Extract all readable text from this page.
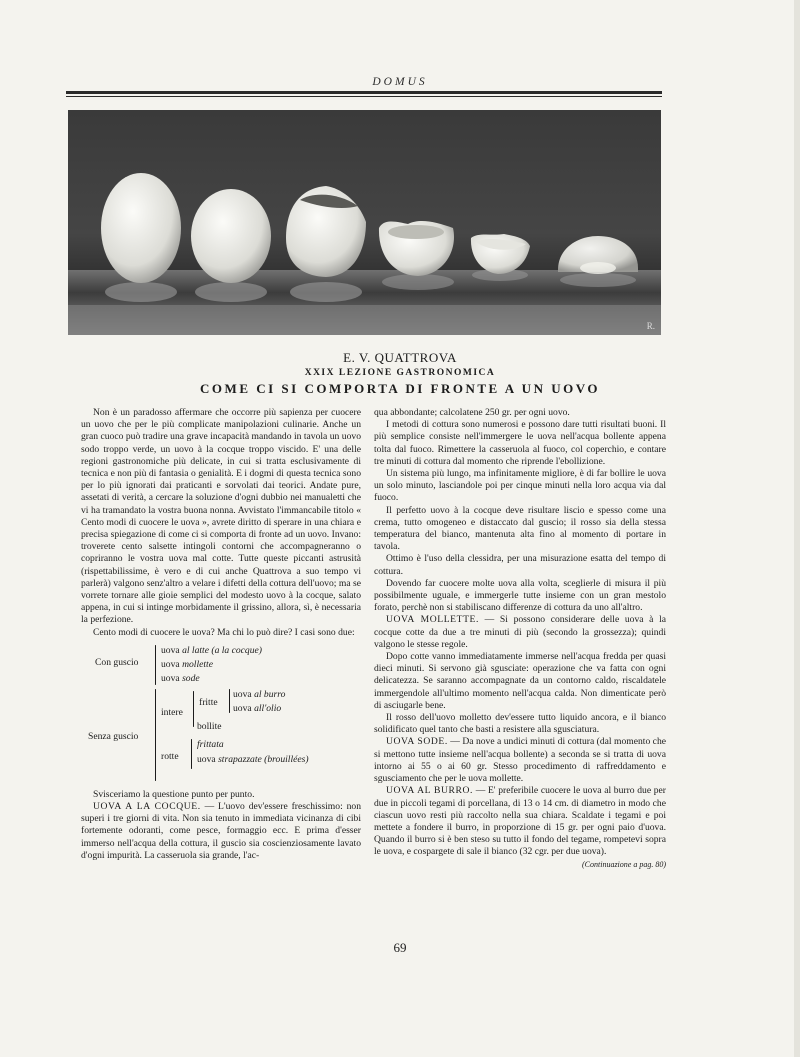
DOMUS
R.
E. V. QUATTROVA
XXIX LEZIONE GASTRONOMICA
COME CI SI COMPORTA DI FRONTE A UN UOVO

Non è un paradosso affermare che occorre più sapienza per cuocere un uovo che per le più complicate manipolazioni culinarie. Anche un gran cuoco può tradire una grave incapacità mandando in tavola un uovo sodo troppo verde, un uovo à la cocque troppo viscido. E' una delle regioni gastronomiche più delicate, in cui si tratta esclusivamente di tecnica e non più di fantasia o genialità. E i dogmi di questa tecnica sono per lo più ignorati dai praticanti e sorvolati dai teorici. Andate pure, assetati di verità, a cercare la soluzione d'ogni dubbio nei manualetti che vi ha tramandato la vostra buona nonna. Avvistato l'immancabile titolo « Cento modi di cuocere le uova », avrete diritto di sperare in una chiara e precisa spiegazione di come ci si comporta di fronte ad un uovo. Invano: troverete cento salsette intingoli contorni che accompagneranno o copriranno le vostra uova mal cotte. Tutte queste piccanti astrusità (rispettabilissime, è vero e di cui anche Quattrova a suo tempo vi parlerà) valgono senz'altro a velare i difetti della cottura dell'uovo; ma se vorrete tornare alle gioie semplici del modesto uovo à la cocque, salato appena, in cui si intinge morbidamente il grissino, allora, sì, è necessaria la perfezione.

Cento modi di cuocere le uova? Ma chi lo può dire? I casi sono due:

Con guscio
uova al latte (a la cocque)
uova mollette
uova sode
Senza guscio
intere
fritte
uova al burro
uova all'olio
bollite
rotte
frittata
uova strapazzate (brouillées)

Svisceriamo la questione punto per punto.

UOVA A LA COCQUE. — L'uovo dev'essere freschissimo: non superi i tre giorni di vita. Non sia tenuto in immediata vicinanza di cibi fortemente odoranti, come pesce, formaggio ecc. E prima d'esser immerso nell'acqua della cottura, il guscio sia coscienziosamente lavato d'ogni impurità. La casseruola sia grande, l'ac-

qua abbondante; calcolatene 250 gr. per ogni uovo.

I metodi di cottura sono numerosi e possono dare tutti risultati buoni. Il più semplice consiste nell'immergere le uova nell'acqua bollente appena tolta dal fuoco. Rimettere la casseruola al fuoco, col coperchio, e contare tre minuti di cottura dal momento che riprende l'ebollizione.

Un sistema più lungo, ma infinitamente migliore, è di far bollire le uova un solo minuto, lasciandole poi per cinque minuti nella loro acqua via dal fuoco.

Il perfetto uovo à la cocque deve risultare liscio e spesso come una crema, tutto omogeneo e distaccato dal guscio; il rosso sia della stessa temperatura del bianco, mantenuta alta fino al momento di portare in tavola.

Ottimo è l'uso della clessidra, per una misurazione esatta del tempo di cottura.

Dovendo far cuocere molte uova alla volta, sceglierle di misura il più possibilmente uguale, e immergerle tutte insieme con un gran mestolo forato, perchè non si stabiliscano differenze di cottura da uno all'altro.

UOVA MOLLETTE. — Si possono considerare delle uova à la cocque cotte da due a tre minuti di più (secondo la grossezza); quindi valgono le stesse regole.

Dopo cotte vanno immediatamente immerse nell'acqua fredda per quasi dieci minuti. Si servono già sgusciate: operazione che va fatta con ogni delicatezza. Se saranno accompagnate da un contorno caldo, riscaldatele immergendole all'ultimo momento nell'acqua calda. Non dimenticate però di asciugarle bene.

Il rosso dell'uovo molletto dev'essere tutto liquido ancora, e il bianco solidificato quel tanto che basti a resistere alla sgusciatura.

UOVA SODE. — Da nove a undici minuti di cottura (dal momento che si mettono tutte insieme nell'acqua bollente) a seconda se si tratta di uova intorno ai 55 o ai 60 gr. Stesso procedimento di raffreddamento e sgusciamento che per le uova mollette.

UOVA AL BURRO. — E' preferibile cuocere le uova al burro due per due in piccoli tegami di porcellana, di 13 o 14 cm. di diametro in modo che ciascun uovo resti più raccolto nella sua chiara. Scaldate i tegami e poi mettete a fondere il burro, in proporzione di 15 gr. per ogni paio d'uova. Quando il burro si è ben steso su tutto il fondo del tegame, rompetevi sopra le uova, e cospargete di sale il bianco (32 cgr. per due uova).

(Continuazione a pag. 80)
69
